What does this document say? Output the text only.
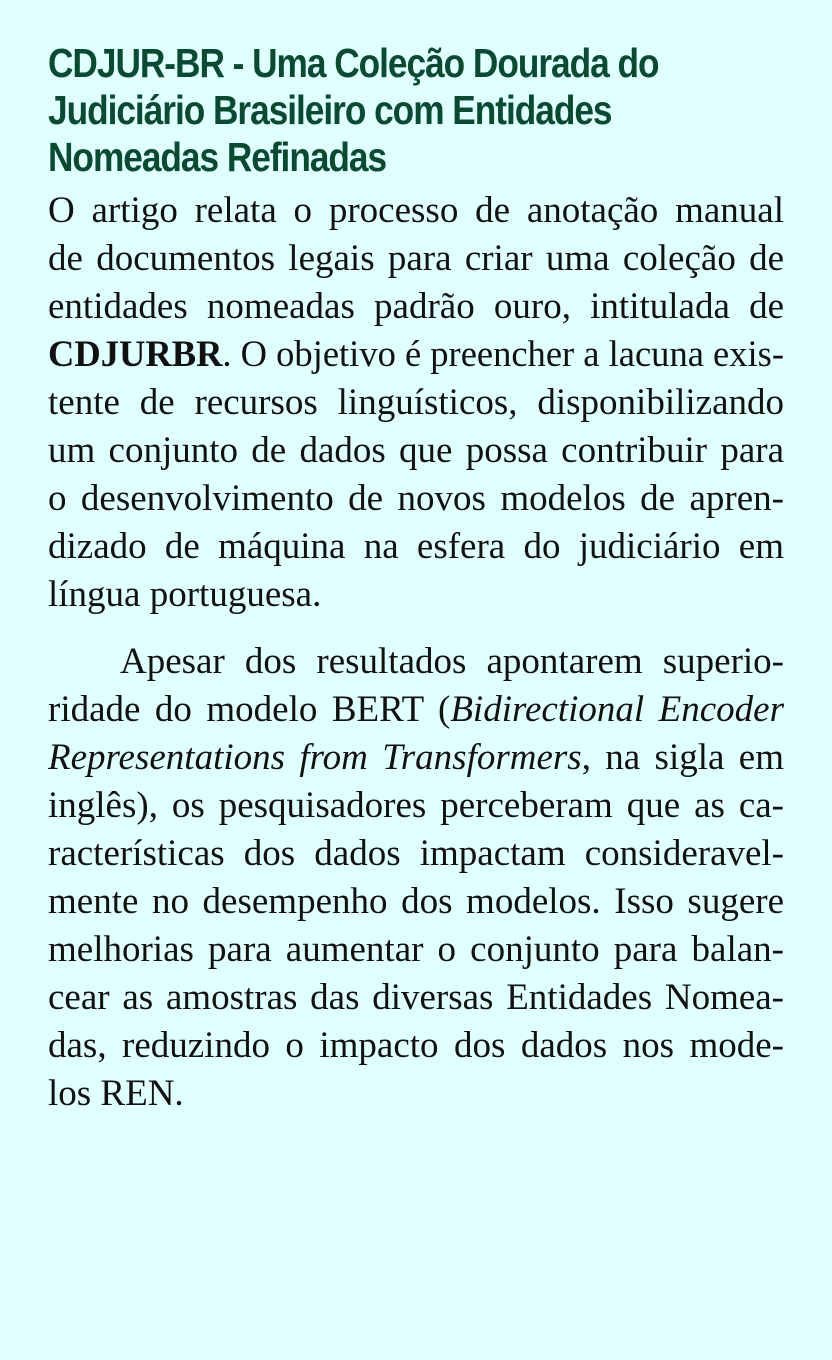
CDJUR-BR - Uma Coleção Dourada do
Judiciário Brasileiro com Entidades
Nomeadas Refinadas

O artigo relata o processo de anotação manual
de documentos legais para criar uma coleção de
entidades nomeadas padrão ouro, intitulada de
CDJURBR. O objetivo é preencher a lacuna exis-
tente de recursos linguísticos, disponibilizando
um conjunto de dados que possa contribuir para
o desenvolvimento de novos modelos de apren-
dizado de máquina na esfera do judiciário em
língua portuguesa.

Apesar dos resultados apontarem superio-
ridade do modelo BERT (Bidirectional Encoder
Representations from Transformers, na sigla em
inglês), os pesquisadores perceberam que as ca-
racterísticas dos dados impactam consideravel-
mente no desempenho dos modelos. Isso sugere
melhorias para aumentar o conjunto para balan-
cear as amostras das diversas Entidades Nomea-
das, reduzindo o impacto dos dados nos mode-
los REN.
